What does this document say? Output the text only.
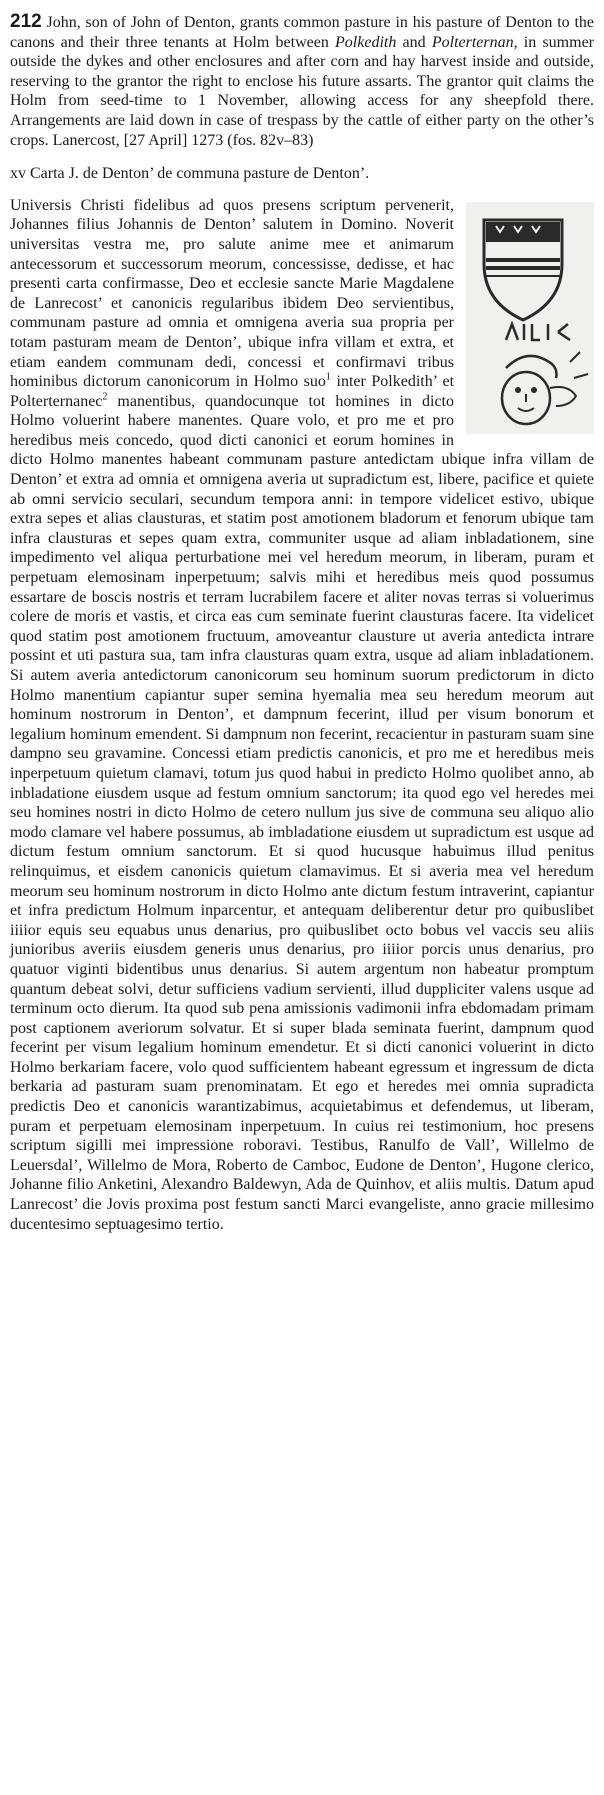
212 John, son of John of Denton, grants common pasture in his pasture of Denton to the canons and their three tenants at Holm between Polkedith and Polterternan, in summer outside the dykes and other enclosures and after corn and hay harvest inside and outside, reserving to the grantor the right to enclose his future assarts. The grantor quit claims the Holm from seed-time to 1 November, allowing access for any sheepfold there. Arrangements are laid down in case of trespass by the cattle of either party on the other’s crops. Lanercost, [27 April] 1273 (fos. 82v–83)

xv Carta J. de Denton’ de communa pasture de Denton’.

Universis Christi fidelibus ad quos presens scriptum pervenerit, Johannes filius Johannis de Denton’ salutem in Domino. Noverit universitas vestra me, pro salute anime mee et animarum antecessorum et successorum meorum, concessisse, dedisse, et hac presenti carta confirmasse, Deo et ecclesie sancte Marie Magdalene de Lanrecost’ et canonicis regularibus ibidem Deo servientibus, communam pasture ad omnia et omnigena averia sua propria per totam pasturam meam de Denton’, ubique infra villam et extra, et etiam eandem communam dedi, concessi et confirmavi tribus hominibus dictorum canonicorum in Holmo suo$^1$ inter Polkedith’ et Polterternanec$^2$ manentibus, quandocunque tot homines in dicto Holmo voluerint habere manentes. Quare volo, et pro me et pro heredibus meis concedo, quod dicti canonici et eorum homines in dicto Holmo manentes habeant communam pasture antedictam ubique infra villam de Denton’ et extra ad omnia et omnigena averia ut supradictum est, libere, pacifice et quiete ab omni servicio seculari, secundum tempora anni: in tempore videlicet estivo, ubique extra sepes et alias clausturas, et statim post amotionem bladorum et fenorum ubique tam infra clausturas et sepes quam extra, communiter usque ad aliam inbladationem, sine impedimento vel aliqua perturbatione mei vel heredum meorum, in liberam, puram et perpetuam elemosinam inperpetuum; salvis mihi et heredibus meis quod possumus essartare de boscis nostris et terram lucrabilem facere et aliter novas terras si voluerimus colere de moris et vastis, et circa eas cum seminate fuerint clausturas facere. Ita videlicet quod statim post amotionem fructuum, amoveantur clausture ut averia antedicta intrare possint et uti pastura sua, tam infra clausturas quam extra, usque ad aliam inbladationem. Si autem averia antedictorum canonicorum seu hominum suorum predictorum in dicto Holmo manentium capiantur super semina hyemalia mea seu heredum meorum aut hominum nostrorum in Denton’, et dampnum fecerint, illud per visum bonorum et legalium hominum emendent. Si dampnum non fecerint, recacientur in pasturam suam sine dampno seu gravamine. Concessi etiam predictis canonicis, et pro me et heredibus meis inperpetuum quietum clamavi, totum jus quod habui in predicto Holmo quolibet anno, ab inbladatione eiusdem usque ad festum omnium sanctorum; ita quod ego vel heredes mei seu homines nostri in dicto Holmo de cetero nullum jus sive de communa seu aliquo alio modo clamare vel habere possumus, ab imbladatione eiusdem ut supradictum est usque ad dictum festum omnium sanctorum. Et si quod hucusque habuimus illud penitus relinquimus, et eisdem canonicis quietum clamavimus. Et si averia mea vel heredum meorum seu hominum nostrorum in dicto Holmo ante dictum festum intraverint, capiantur et infra predictum Holmum inparcentur, et antequam deliberentur detur pro quibuslibet iiiior equis seu equabus unus denarius, pro quibuslibet octo bobus vel vaccis seu aliis junioribus averiis eiusdem generis unus denarius, pro iiiior porcis unus denarius, pro quatuor viginti bidentibus unus denarius. Si autem argentum non habeatur promptum quantum debeat solvi, detur sufficiens vadium servienti, illud duppliciter valens usque ad terminum octo dierum. Ita quod sub pena amissionis vadimonii infra ebdomadam primam post captionem averiorum solvatur. Et si super blada seminata fuerint, dampnum quod fecerint per visum legalium hominum emendetur. Et si dicti canonici voluerint in dicto Holmo berkariam facere, volo quod sufficientem habeant egressum et ingressum de dicta berkaria ad pasturam suam prenominatam. Et ego et heredes mei omnia supradicta predictis Deo et canonicis warantizabimus, acquietabimus et defendemus, ut liberam, puram et perpetuam elemosinam inperpetuum. In cuius rei testimonium, hoc presens scriptum sigilli mei impressione roboravi. Testibus, Ranulfo de Vall’, Willelmo de Leuersdal’, Willelmo de Mora, Roberto de Camboc, Eudone de Denton’, Hugone clerico, Johanne filio Anketini, Alexandro Baldewyn, Ada de Quinhov, et aliis multis. Datum apud Lanrecost’ die Jovis proxima post festum sancti Marci evangeliste, anno gracie millesimo ducentesimo septuagesimo tertio.
